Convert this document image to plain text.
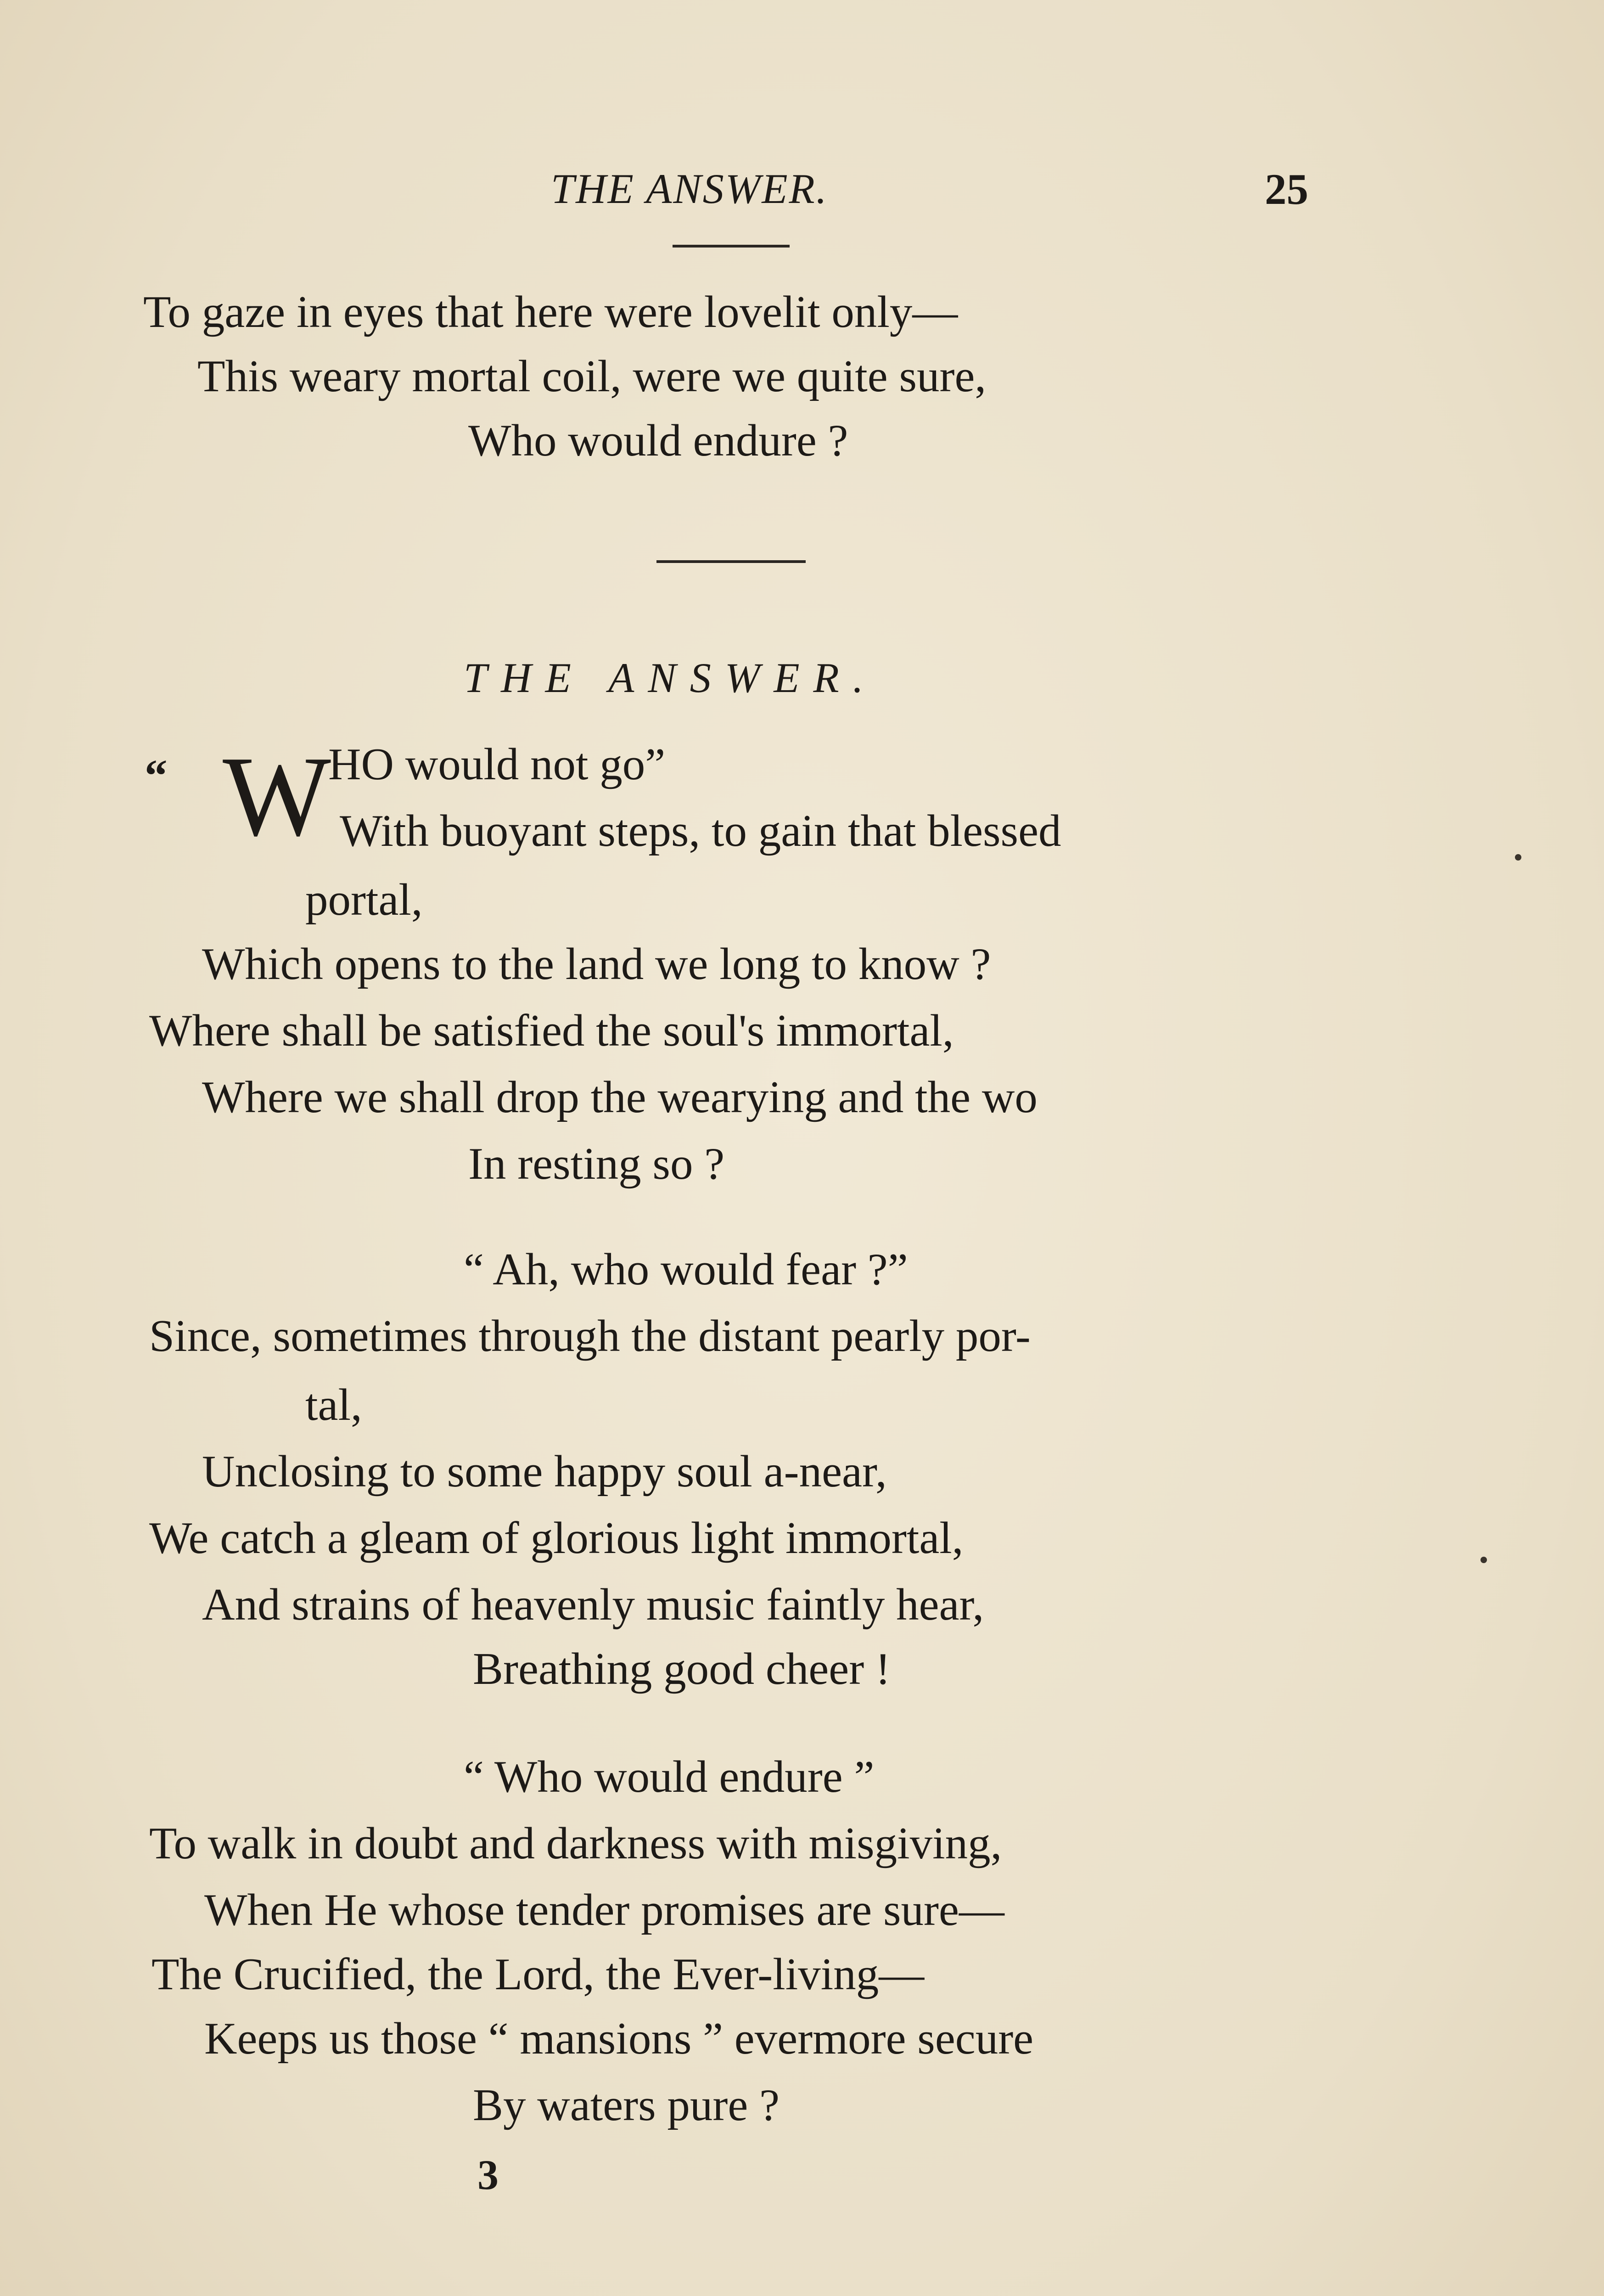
THE ANSWER.	25
To gaze in eyes that here were lovelit only—
This weary mortal coil, were we quite sure,
Who would endure ?
THE ANSWER.
“ W
HO would not go”
With buoyant steps, to gain that blessed
portal,
Which opens to the land we long to know ?
Where shall be satisfied the soul's immortal,
Where we shall drop the wearying and the wo
In resting so ?
“ Ah, who would fear ?”
Since, sometimes through the distant pearly por-
tal,
Unclosing to some happy soul a-near,
We catch a gleam of glorious light immortal,
And strains of heavenly music faintly hear,
Breathing good cheer !
“ Who would endure ”
To walk in doubt and darkness with misgiving,
When He whose tender promises are sure—
The Crucified, the Lord, the Ever-living—
Keeps us those “ mansions ” evermore secure
By waters pure ?
3
